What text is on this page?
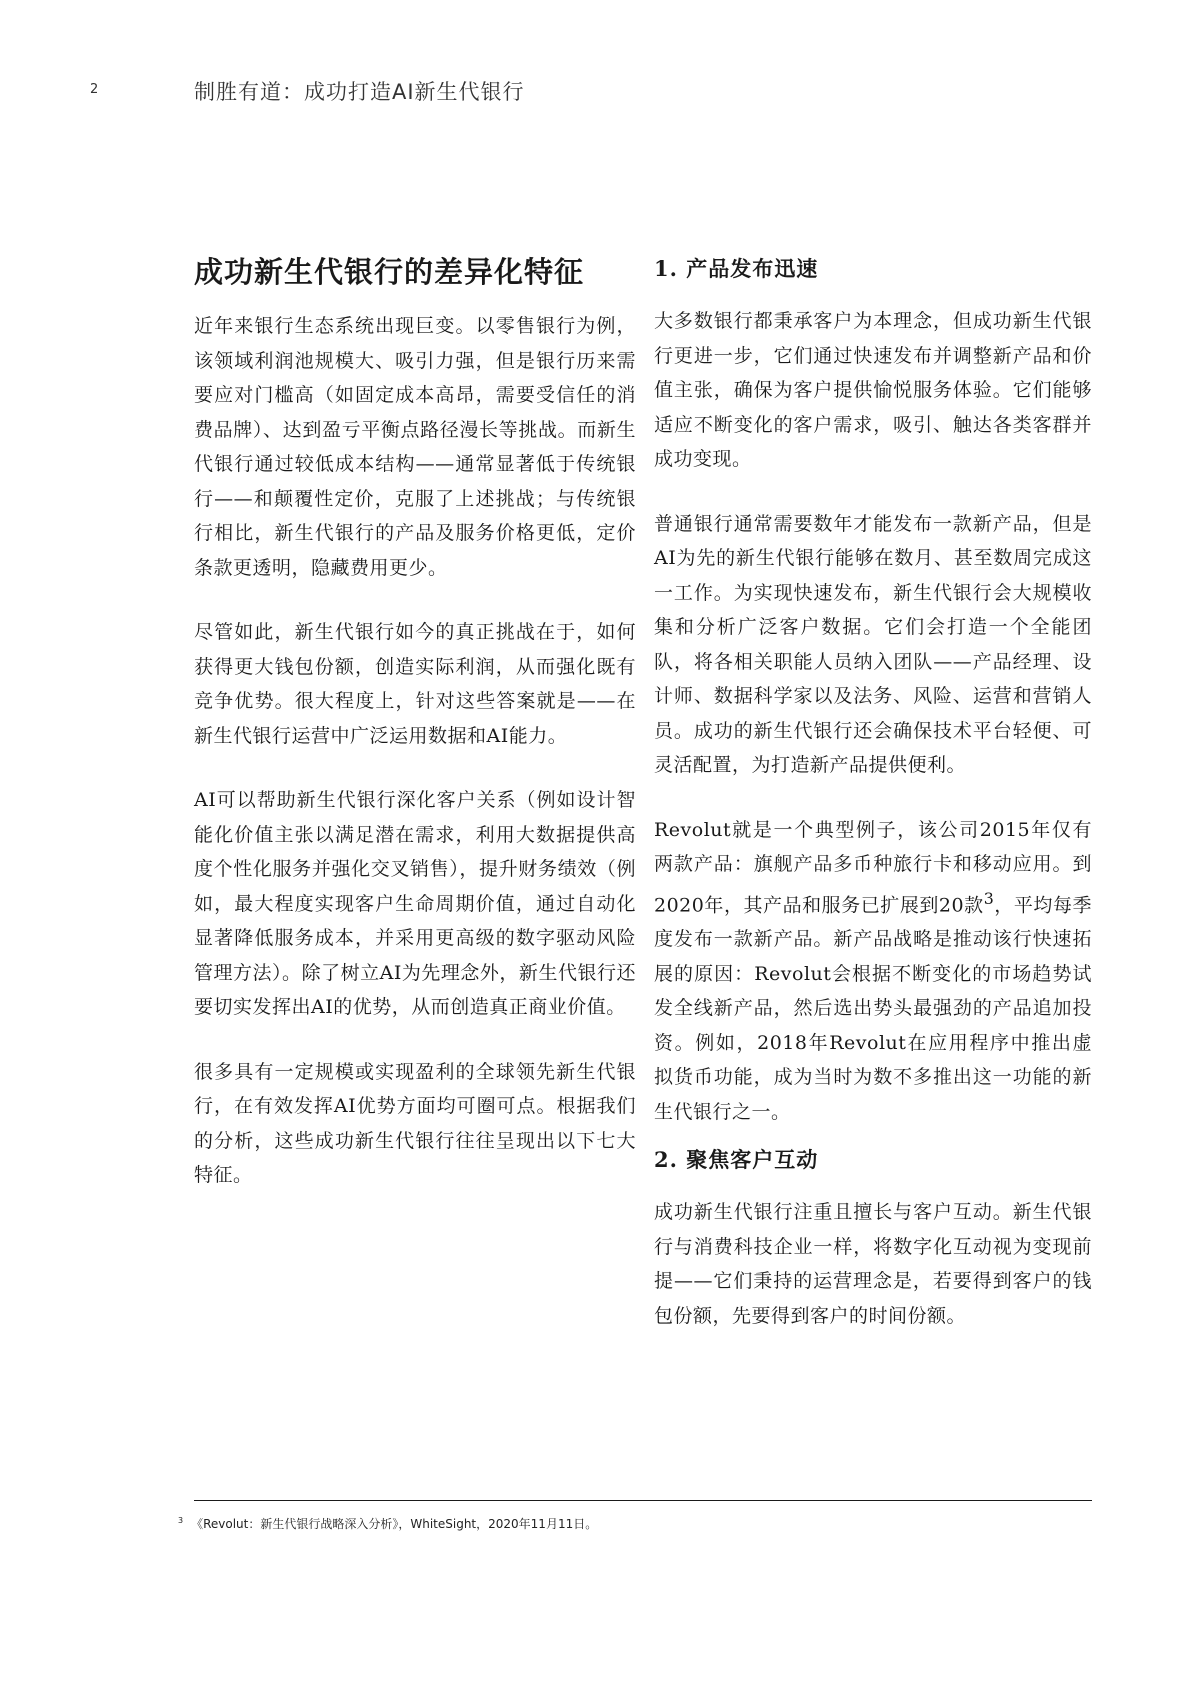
2	制胜有道：成功打造AI新生代银行
成功新生代银行的差异化特征

近年来银行生态系统出现巨变。以零售银行为例，该领域利润池规模大、吸引力强，但是银行历来需要应对门槛高（如固定成本高昂，需要受信任的消费品牌）、达到盈亏平衡点路径漫长等挑战。而新生代银行通过较低成本结构——通常显著低于传统银行——和颠覆性定价，克服了上述挑战；与传统银行相比，新生代银行的产品及服务价格更低，定价条款更透明，隐藏费用更少。

尽管如此，新生代银行如今的真正挑战在于，如何获得更大钱包份额，创造实际利润，从而强化既有竞争优势。很大程度上，针对这些答案就是——在新生代银行运营中广泛运用数据和AI能力。

AI可以帮助新生代银行深化客户关系（例如设计智能化价值主张以满足潜在需求，利用大数据提供高度个性化服务并强化交叉销售），提升财务绩效（例如，最大程度实现客户生命周期价值，通过自动化显著降低服务成本，并采用更高级的数字驱动风险管理方法）。除了树立AI为先理念外，新生代银行还要切实发挥出AI的优势，从而创造真正商业价值。

很多具有一定规模或实现盈利的全球领先新生代银行，在有效发挥AI优势方面均可圈可点。根据我们的分析，这些成功新生代银行往往呈现出以下七大特征。

1. 产品发布迅速

大多数银行都秉承客户为本理念，但成功新生代银行更进一步，它们通过快速发布并调整新产品和价值主张，确保为客户提供愉悦服务体验。它们能够适应不断变化的客户需求，吸引、触达各类客群并成功变现。

普通银行通常需要数年才能发布一款新产品，但是AI为先的新生代银行能够在数月、甚至数周完成这一工作。为实现快速发布，新生代银行会大规模收集和分析广泛客户数据。它们会打造一个全能团队，将各相关职能人员纳入团队——产品经理、设计师、数据科学家以及法务、风险、运营和营销人员。成功的新生代银行还会确保技术平台轻便、可灵活配置，为打造新产品提供便利。

Revolut就是一个典型例子，该公司2015年仅有两款产品：旗舰产品多币种旅行卡和移动应用。到2020年，其产品和服务已扩展到20款$^3$，平均每季度发布一款新产品。新产品战略是推动该行快速拓展的原因：Revolut会根据不断变化的市场趋势试发全线新产品，然后选出势头最强劲的产品追加投资。例如，2018年Revolut在应用程序中推出虚拟货币功能，成为当时为数不多推出这一功能的新生代银行之一。

2. 聚焦客户互动

成功新生代银行注重且擅长与客户互动。新生代银行与消费科技企业一样，将数字化互动视为变现前提——它们秉持的运营理念是，若要得到客户的钱包份额，先要得到客户的时间份额。

$^3$ 《Revolut：新生代银行战略深入分析》，WhiteSight，2020年11月11日。
